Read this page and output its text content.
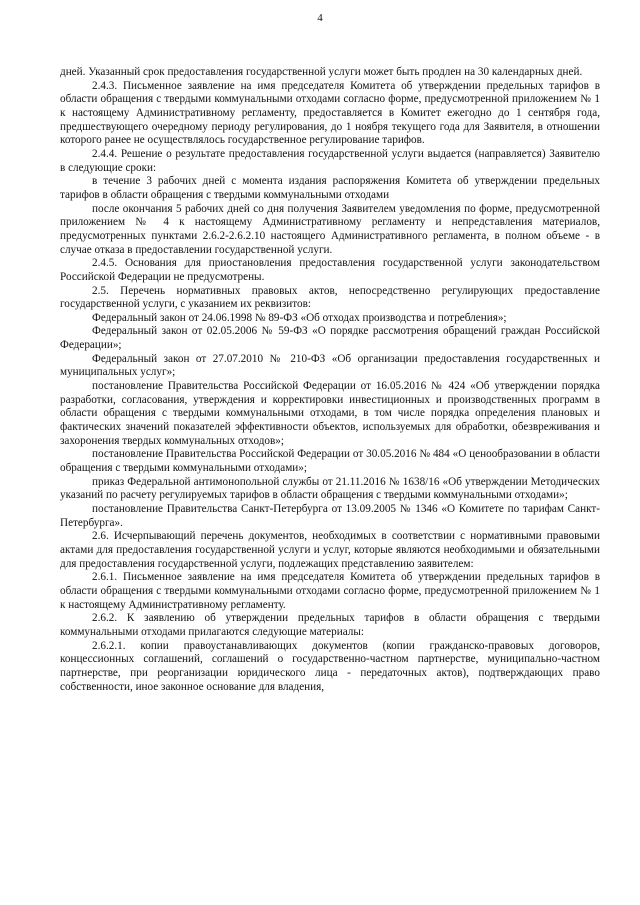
4

дней. Указанный срок предоставления государственной услуги может быть продлен на 30 календарных дней.

2.4.3. Письменное заявление на имя председателя Комитета об утверждении предельных тарифов в области обращения с твердыми коммунальными отходами согласно форме, предусмотренной приложением № 1 к настоящему Административному регламенту, предоставляется в Комитет ежегодно до 1 сентября года, предшествующего очередному периоду регулирования, до 1 ноября текущего года для Заявителя, в отношении которого ранее не осуществлялось государственное регулирование тарифов.

2.4.4. Решение о результате предоставления государственной услуги выдается (направляется) Заявителю в следующие сроки:

в течение 3 рабочих дней с момента издания распоряжения Комитета об утверждении предельных тарифов в области обращения с твердыми коммунальными отходами

после окончания 5 рабочих дней со дня получения Заявителем уведомления по форме, предусмотренной приложением № 4 к настоящему Административному регламенту и непредставления материалов, предусмотренных пунктами 2.6.2-2.6.2.10 настоящего Административного регламента, в полном объеме - в случае отказа в предоставлении государственной услуги.

2.4.5. Основания для приостановления предоставления государственной услуги законодательством Российской Федерации не предусмотрены.

2.5. Перечень нормативных правовых актов, непосредственно регулирующих предоставление государственной услуги, с указанием их реквизитов:

Федеральный закон от 24.06.1998 № 89-ФЗ «Об отходах производства и потребления»;

Федеральный закон от 02.05.2006 № 59-ФЗ «О порядке рассмотрения обращений граждан Российской Федерации»;

Федеральный закон от 27.07.2010 № 210-ФЗ «Об организации предоставления государственных и муниципальных услуг»;

постановление Правительства Российской Федерации от 16.05.2016 № 424 «Об утверждении порядка разработки, согласования, утверждения и корректировки инвестиционных и производственных программ в области обращения с твердыми коммунальными отходами, в том числе порядка определения плановых и фактических значений показателей эффективности объектов, используемых для обработки, обезвреживания и захоронения твердых коммунальных отходов»;

постановление Правительства Российской Федерации от 30.05.2016 № 484 «О ценообразовании в области обращения с твердыми коммунальными отходами»;

приказ Федеральной антимонопольной службы от 21.11.2016 № 1638/16 «Об утверждении Методических указаний по расчету регулируемых тарифов в области обращения с твердыми коммунальными отходами»;

постановление Правительства Санкт-Петербурга от 13.09.2005 № 1346 «О Комитете по тарифам Санкт-Петербурга».

2.6. Исчерпывающий перечень документов, необходимых в соответствии с нормативными правовыми актами для предоставления государственной услуги и услуг, которые являются необходимыми и обязательными для предоставления государственной услуги, подлежащих представлению заявителем:

2.6.1. Письменное заявление на имя председателя Комитета об утверждении предельных тарифов в области обращения с твердыми коммунальными отходами согласно форме, предусмотренной приложением № 1 к настоящему Административному регламенту.

2.6.2. К заявлению об утверждении предельных тарифов в области обращения с твердыми коммунальными отходами прилагаются следующие материалы:

2.6.2.1. копии правоустанавливающих документов (копии гражданско-правовых договоров, концессионных соглашений, соглашений о государственно-частном партнерстве, муниципально-частном партнерстве, при реорганизации юридического лица - передаточных актов), подтверждающих право собственности, иное законное основание для владения,
